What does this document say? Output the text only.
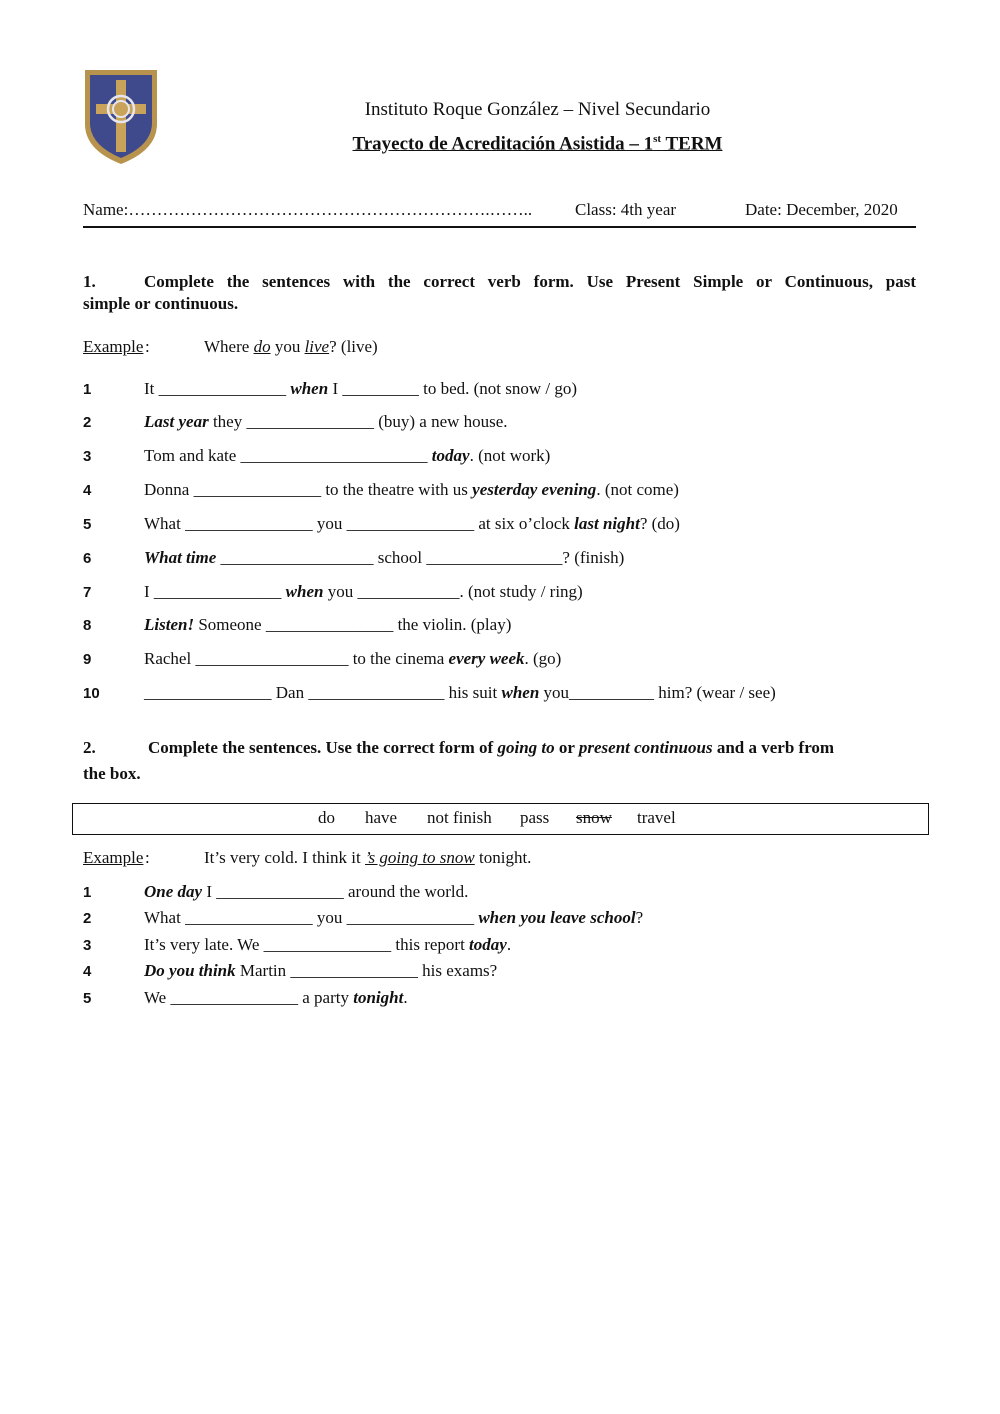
Instituto Roque González – Nivel Secundario
Trayecto de Acreditación Asistida – 1st TERM
Name:……………………………………………………….……..	Class: 4th year	Date: December, 2020
1.	Complete the sentences with the correct verb form. Use Present Simple or Continuous, past
simple or continuous.
Example :	Where do you live? (live)
1	It _______________ when I _________ to bed. (not snow / go)
2	Last year they _______________ (buy) a new house.
3	Tom and kate ______________________ today. (not work)
4	Donna _______________ to the theatre with us yesterday evening. (not come)
5	What _______________ you _______________ at six o’clock last night? (do)
6	What time __________________ school ________________? (finish)
7	I _______________ when you ____________. (not study / ring)
8	Listen! Someone _______________ the violin. (play)
9	Rachel __________________ to the cinema every week. (go)
10	_______________ Dan ________________ his suit when you__________ him? (wear / see)
2.	Complete the sentences. Use the correct form of going to or present continuous and a verb from
the box.
do have not finish pass snow travel
Example :	It’s very cold. I think it ’s going to snow tonight.
1	One day I _______________ around the world.
2	What _______________ you _______________ when you leave school?
3	It’s very late. We _______________ this report today.
4	Do you think Martin _______________ his exams?
5	We _______________ a party tonight.
